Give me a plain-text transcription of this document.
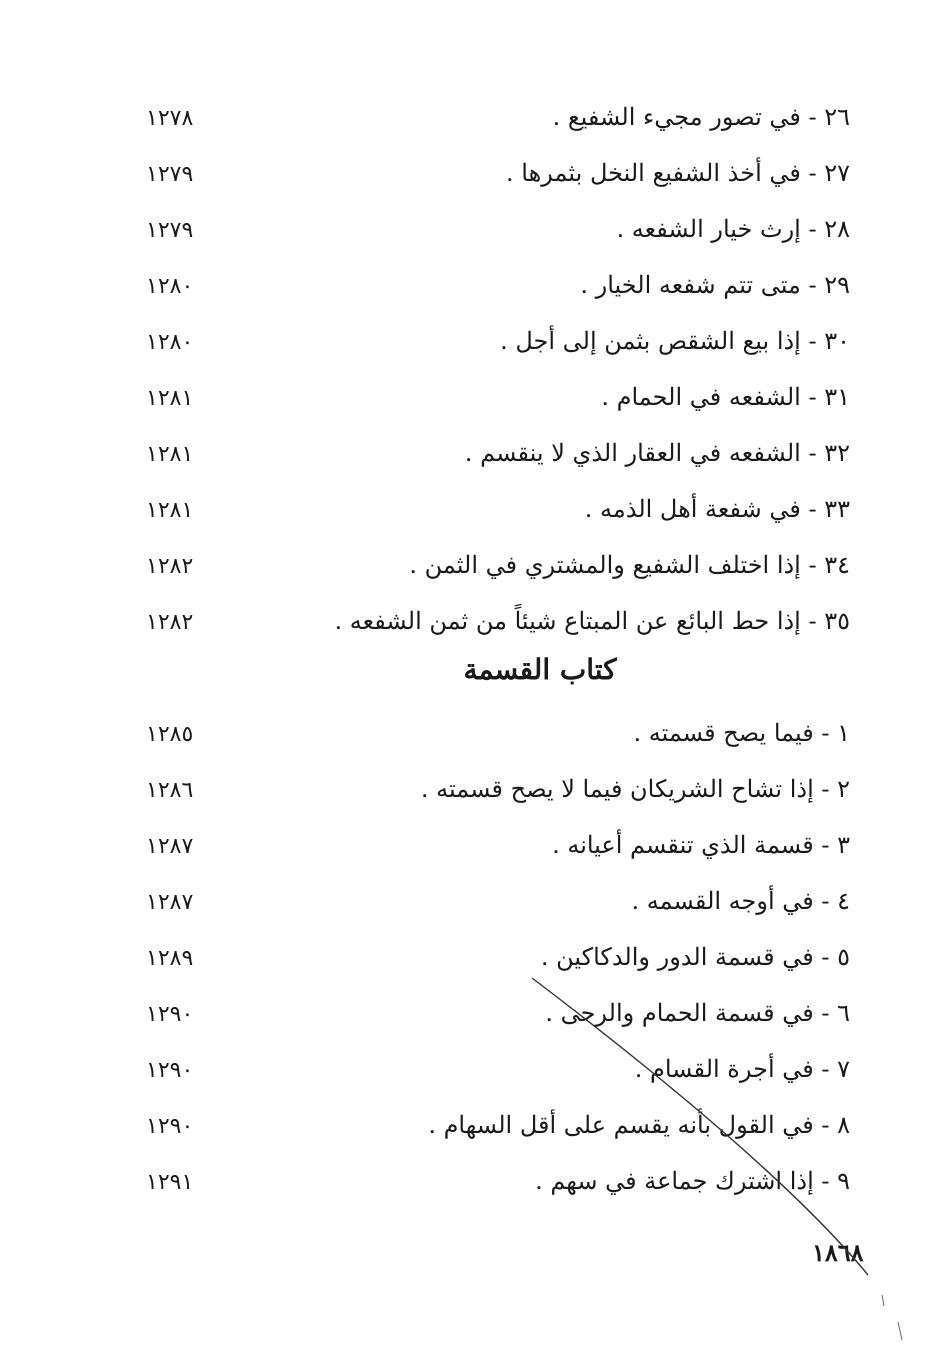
٢٦ - في تصور مجيء الشفيع .
١٢٧٨
٢٧ - في أخذ الشفيع النخل بثمرها .
١٢٧٩
٢٨ - إرث خيار الشفعه .
١٢٧٩
٢٩ - متى تتم شفعه الخيار .
١٢٨٠
٣٠ - إذا بيع الشقص بثمن إلى أجل .
١٢٨٠
٣١ - الشفعه في الحمام .
١٢٨١
٣٢ - الشفعه في العقار الذي لا ينقسم .
١٢٨١
٣٣ - في شفعة أهل الذمه .
١٢٨١
٣٤ - إذا اختلف الشفيع والمشتري في الثمن .
١٢٨٢
٣٥ - إذا حط البائع عن المبتاع شيئاً من ثمن الشفعه .
١٢٨٢
كتاب القسمة
١ - فيما يصح قسمته .
١٢٨٥
٢ - إذا تشاح الشريكان فيما لا يصح قسمته .
١٢٨٦
٣ - قسمة الذي تنقسم أعيانه .
١٢٨٧
٤ - في أوجه القسمه .
١٢٨٧
٥ - في قسمة الدور والدكاكين .
١٢٨٩
٦ - في قسمة الحمام والرحى .
١٢٩٠
٧ - في أجرة القسام .
١٢٩٠
٨ - في القول بأنه يقسم على أقل السهام .
١٢٩٠
٩ - إذا اشترك جماعة في سهم .
١٢٩١
١٨٦٨
